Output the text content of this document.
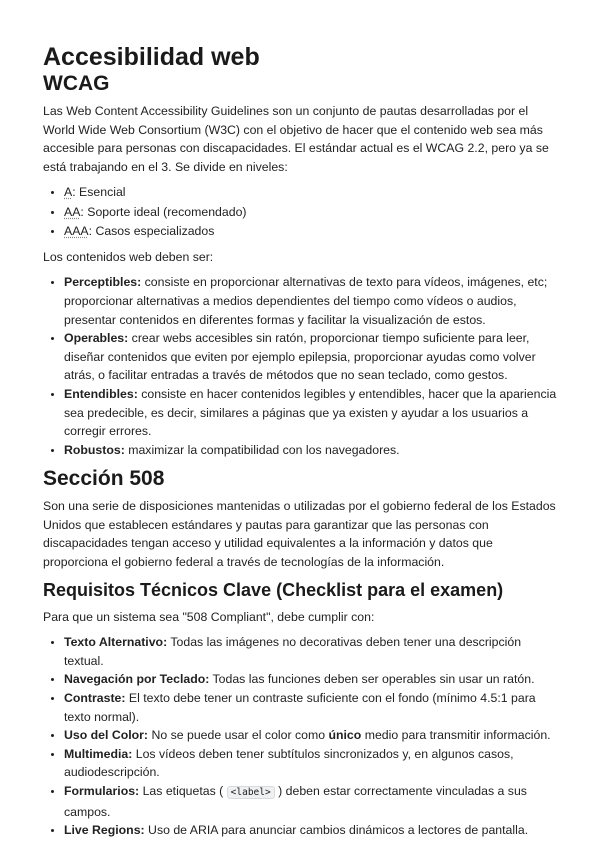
Accesibilidad web
WCAG

Las Web Content Accessibility Guidelines son un conjunto de pautas desarrolladas por el World Wide Web Consortium (W3C) con el objetivo de hacer que el contenido web sea más accesible para personas con discapacidades. El estándar actual es el WCAG 2.2, pero ya se está trabajando en el 3. Se divide en niveles:

• A: Esencial
• AA: Soporte ideal (recomendado)
• AAA: Casos especializados

Los contenidos web deben ser:

• Perceptibles: consiste en proporcionar alternativas de texto para vídeos, imágenes, etc; proporcionar alternativas a medios dependientes del tiempo como vídeos o audios, presentar contenidos en diferentes formas y facilitar la visualización de estos.
• Operables: crear webs accesibles sin ratón, proporcionar tiempo suficiente para leer, diseñar contenidos que eviten por ejemplo epilepsia, proporcionar ayudas como volver atrás, o facilitar entradas a través de métodos que no sean teclado, como gestos.
• Entendibles: consiste en hacer contenidos legibles y entendibles, hacer que la apariencia sea predecible, es decir, similares a páginas que ya existen y ayudar a los usuarios a corregir errores.
• Robustos: maximizar la compatibilidad con los navegadores.
Sección 508

Son una serie de disposiciones mantenidas o utilizadas por el gobierno federal de los Estados Unidos que establecen estándares y pautas para garantizar que las personas con discapacidades tengan acceso y utilidad equivalentes a la información y datos que proporciona el gobierno federal a través de tecnologías de la información.

Requisitos Técnicos Clave (Checklist para el examen)

Para que un sistema sea "508 Compliant", debe cumplir con:

• Texto Alternativo: Todas las imágenes no decorativas deben tener una descripción textual.
• Navegación por Teclado: Todas las funciones deben ser operables sin usar un ratón.
• Contraste: El texto debe tener un contraste suficiente con el fondo (mínimo 4.5:1 para texto normal).
• Uso del Color: No se puede usar el color como único medio para transmitir información.
• Multimedia: Los vídeos deben tener subtítulos sincronizados y, en algunos casos, audiodescripción.
• Formularios: Las etiquetas ( <label> ) deben estar correctamente vinculadas a sus campos.
• Live Regions: Uso de ARIA para anunciar cambios dinámicos a lectores de pantalla.
